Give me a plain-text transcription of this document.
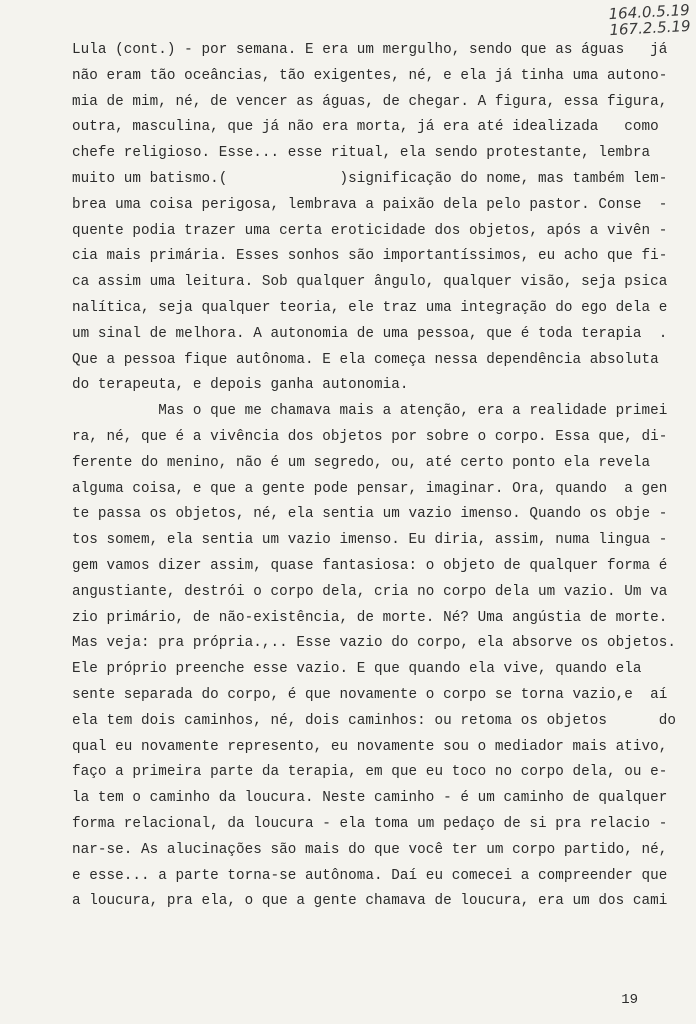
164.0.5.19
167.2.5.19
Lula (cont.) - por semana. E era um mergulho, sendo que as águas   já
não eram tão oceâncias, tão exigentes, né, e ela já tinha uma autono-
mia de mim, né, de vencer as águas, de chegar. A figura, essa figura,
outra, masculina, que já não era morta, já era até idealizada   como
chefe religioso. Esse... esse ritual, ela sendo protestante, lembra
muito um batismo.(             )significação do nome, mas também lem-
brea uma coisa perigosa, lembrava a paixão dela pelo pastor. Conse  -
quente podia trazer uma certa eroticidade dos objetos, após a vivên -
cia mais primária. Esses sonhos são importantíssimos, eu acho que fi-
ca assim uma leitura. Sob qualquer ângulo, qualquer visão, seja psica
nalítica, seja qualquer teoria, ele traz uma integração do ego dela e
um sinal de melhora. A autonomia de uma pessoa, que é toda terapia  .
Que a pessoa fique autônoma. E ela começa nessa dependência absoluta
do terapeuta, e depois ganha autonomia.
Mas o que me chamava mais a atenção, era a realidade primei
ra, né, que é a vivência dos objetos por sobre o corpo. Essa que, di-
ferente do menino, não é um segredo, ou, até certo ponto ela revela
alguma coisa, e que a gente pode pensar, imaginar. Ora, quando  a gen
te passa os objetos, né, ela sentia um vazio imenso. Quando os obje -
tos somem, ela sentia um vazio imenso. Eu diria, assim, numa lingua -
gem vamos dizer assim, quase fantasiosa: o objeto de qualquer forma é
angustiante, destrói o corpo dela, cria no corpo dela um vazio. Um va
zio primário, de não-existência, de morte. Né? Uma angústia de morte.
Mas veja: pra própria.,.. Esse vazio do corpo, ela absorve os objetos.
Ele próprio preenche esse vazio. E que quando ela vive, quando ela
sente separada do corpo, é que novamente o corpo se torna vazio,e  aí
ela tem dois caminhos, né, dois caminhos: ou retoma os objetos      do
qual eu novamente represento, eu novamente sou o mediador mais ativo,
faço a primeira parte da terapia, em que eu toco no corpo dela, ou e-
la tem o caminho da loucura. Neste caminho - é um caminho de qualquer
forma relacional, da loucura - ela toma um pedaço de si pra relacio -
nar-se. As alucinações são mais do que você ter um corpo partido, né,
e esse... a parte torna-se autônoma. Daí eu comecei a compreender que
a loucura, pra ela, o que a gente chamava de loucura, era um dos cami
19
